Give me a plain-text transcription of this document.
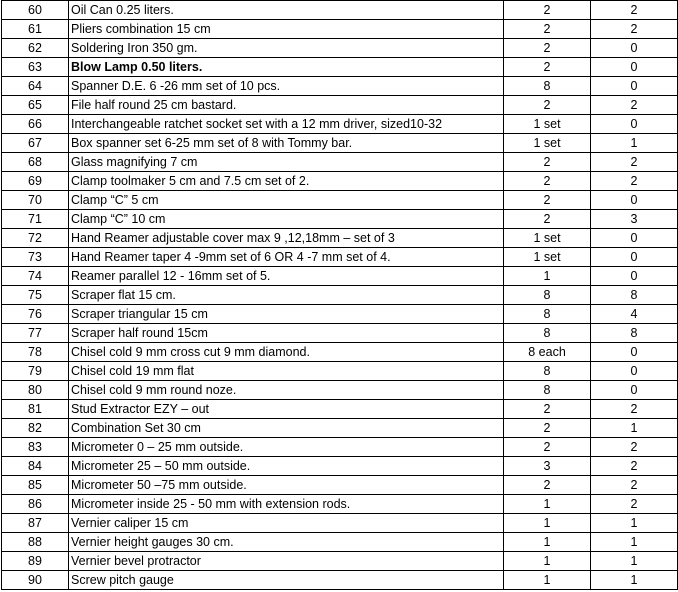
60	Oil Can 0.25 liters.	2	2
61	Pliers combination 15 cm	2	2
62	Soldering Iron 350 gm.	2	0
63	Blow Lamp 0.50 liters.	2	0
64	Spanner D.E. 6 -26 mm set of 10 pcs.	8	0
65	File half round 25 cm bastard.	2	2
66	Interchangeable ratchet socket set with a 12 mm driver, sized10-32	1 set	0
67	Box spanner set 6-25 mm set of 8 with Tommy bar.	1 set	1
68	Glass magnifying 7 cm	2	2
69	Clamp toolmaker 5 cm and 7.5 cm set of 2.	2	2
70	Clamp “C” 5 cm	2	0
71	Clamp “C” 10 cm	2	3
72	Hand Reamer adjustable cover max 9 ,12,18mm – set of 3	1 set	0
73	Hand Reamer taper 4 -9mm set of 6 OR 4 -7 mm set of 4.	1 set	0
74	Reamer parallel 12 - 16mm set of 5.	1	0
75	Scraper flat 15 cm.	8	8
76	Scraper triangular 15 cm	8	4
77	Scraper half round 15cm	8	8
78	Chisel cold 9 mm cross cut 9 mm diamond.	8 each	0
79	Chisel cold 19 mm flat	8	0
80	Chisel cold 9 mm round noze.	8	0
81	Stud Extractor EZY – out	2	2
82	Combination Set 30 cm	2	1
83	Micrometer 0 – 25 mm outside.	2	2
84	Micrometer 25 – 50 mm outside.	3	2
85	Micrometer 50 –75 mm outside.	2	2
86	Micrometer inside 25 - 50 mm with extension rods.	1	2
87	Vernier caliper 15 cm	1	1
88	Vernier height gauges 30 cm.	1	1
89	Vernier bevel protractor	1	1
90	Screw pitch gauge	1	1
